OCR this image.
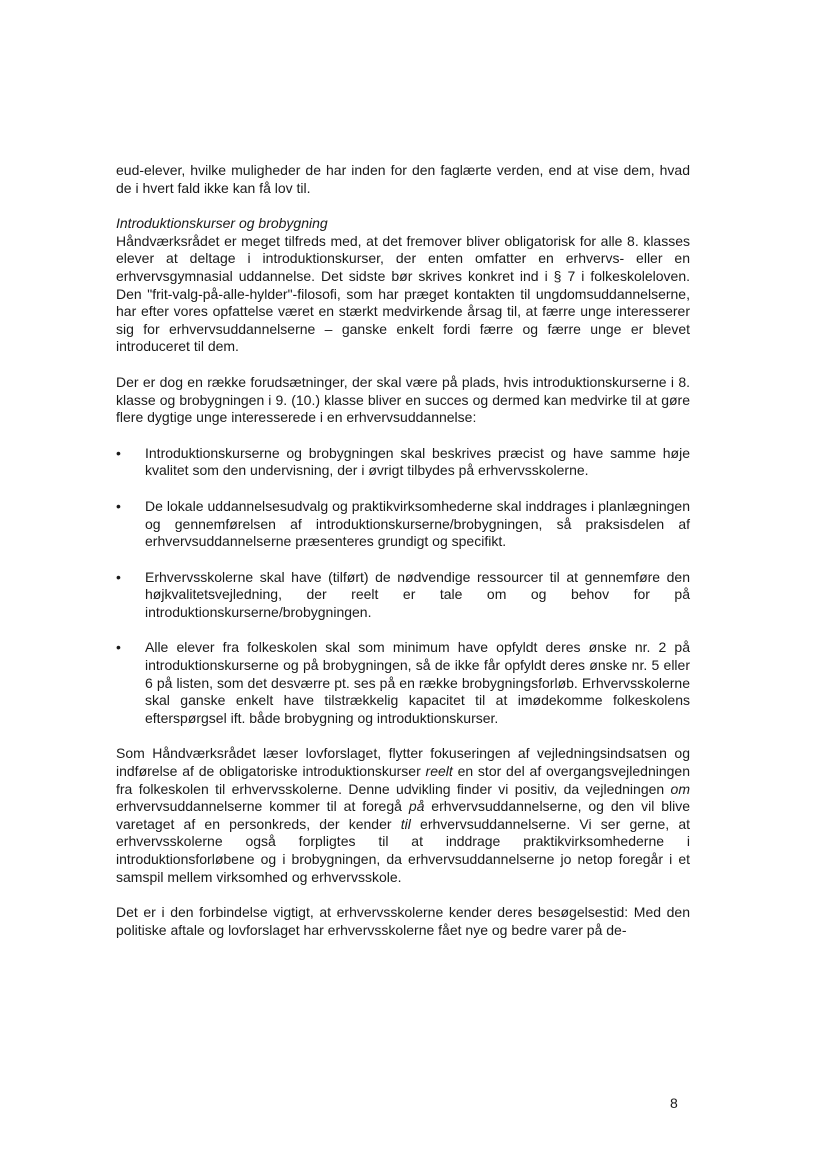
eud-elever, hvilke muligheder de har inden for den faglærte verden, end at vise dem, hvad de i hvert fald ikke kan få lov til.

Introduktionskurser og brobygning

Håndværksrådet er meget tilfreds med, at det fremover bliver obligatorisk for alle 8. klasses elever at deltage i introduktionskurser, der enten omfatter en erhvervs- eller en erhvervsgymnasial uddannelse. Det sidste bør skrives konkret ind i § 7 i folkeskoleloven. Den "frit-valg-på-alle-hylder"-filosofi, som har præget kontakten til ungdomsuddannelserne, har efter vores opfattelse været en stærkt medvirkende årsag til, at færre unge interesserer sig for erhvervsuddannelserne – ganske enkelt fordi færre og færre unge er blevet introduceret til dem.

Der er dog en række forudsætninger, der skal være på plads, hvis introduktionskurserne i 8. klasse og brobygningen i 9. (10.) klasse bliver en succes og dermed kan medvirke til at gøre flere dygtige unge interesserede i en erhvervsuddannelse:

• Introduktionskurserne og brobygningen skal beskrives præcist og have samme høje kvalitet som den undervisning, der i øvrigt tilbydes på erhvervsskolerne.
• De lokale uddannelsesudvalg og praktikvirksomhederne skal inddrages i planlægningen og gennemførelsen af introduktionskurserne/brobygningen, så praksisdelen af erhvervsuddannelserne præsenteres grundigt og specifikt.
• Erhvervsskolerne skal have (tilført) de nødvendige ressourcer til at gennemføre den højkvalitetsvejledning, der reelt er tale om og behov for på introduktionskurserne/brobygningen.
• Alle elever fra folkeskolen skal som minimum have opfyldt deres ønske nr. 2 på introduktionskurserne og på brobygningen, så de ikke får opfyldt deres ønske nr. 5 eller 6 på listen, som det desværre pt. ses på en række brobygningsforløb. Erhvervsskolerne skal ganske enkelt have tilstrækkelig kapacitet til at imødekomme folkeskolens efterspørgsel ift. både brobygning og introduktionskurser.

Som Håndværksrådet læser lovforslaget, flytter fokuseringen af vejledningsindsatsen og indførelse af de obligatoriske introduktionskurser reelt en stor del af overgangsvejledningen fra folkeskolen til erhvervsskolerne. Denne udvikling finder vi positiv, da vejledningen om erhvervsuddannelserne kommer til at foregå på erhvervsuddannelserne, og den vil blive varetaget af en personkreds, der kender til erhvervsuddannelserne. Vi ser gerne, at erhvervsskolerne også forpligtes til at inddrage praktikvirksomhederne i introduktionsforløbene og i brobygningen, da erhvervsuddannelserne jo netop foregår i et samspil mellem virksomhed og erhvervsskole.

Det er i den forbindelse vigtigt, at erhvervsskolerne kender deres besøgelsestid: Med den politiske aftale og lovforslaget har erhvervsskolerne fået nye og bedre varer på de-

8
